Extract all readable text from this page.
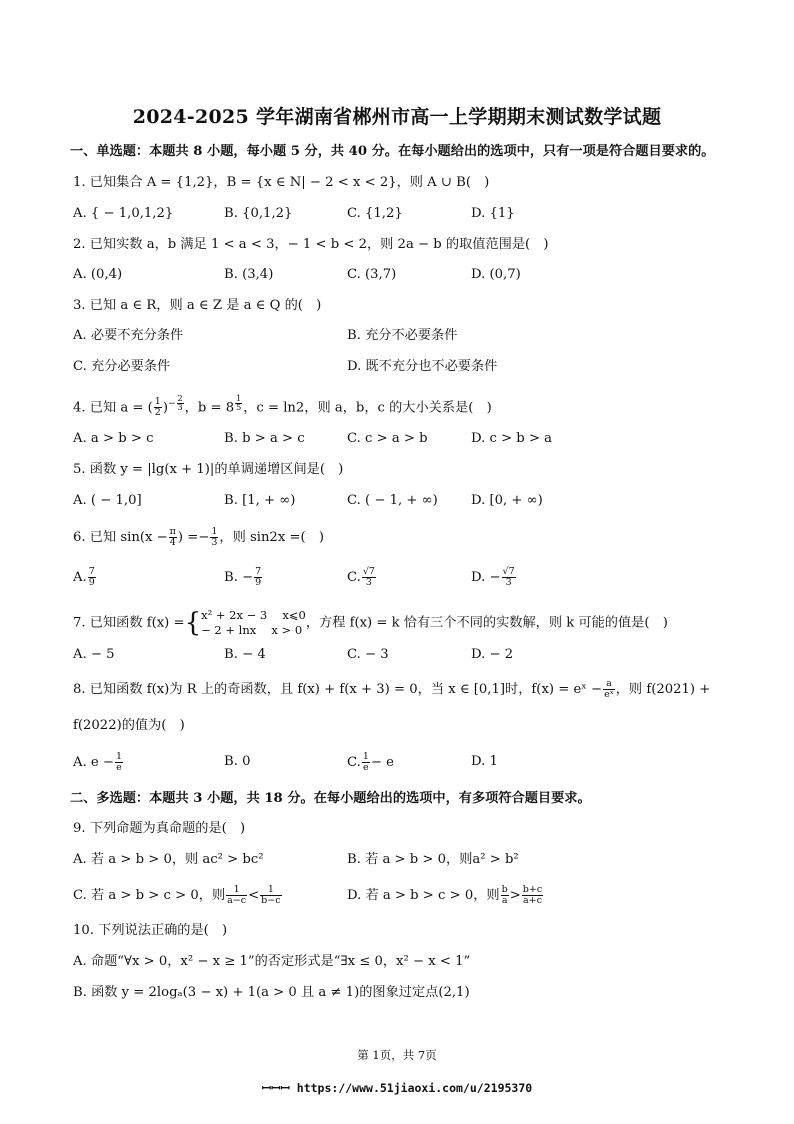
2024-2025 学年湖南省郴州市高一上学期期末测试数学试题
一、单选题：本题共 8 小题，每小题 5 分，共 40 分。在每小题给出的选项中，只有一项是符合题目要求的。
1. 已知集合 A = {1,2}，B = {x ∈ N| − 2 < x < 2}，则 A ∪ B(　)
A. { − 1,0,1,2}	B. {0,1,2}	C. {1,2}	D. {1}
2. 已知实数 a，b 满足 1 < a < 3，− 1 < b < 2，则 2a − b 的取值范围是(　)
A. (0,4)	B. (3,4)	C. (3,7)	D. (0,7)
3. 已知 a ∈ R，则 a ∈ Z 是 a ∈ Q 的(　)
A. 必要不充分条件	B. 充分不必要条件
C. 充分必要条件	D. 既不充分也不必要条件
4. 已知 a = ( $\frac{1}{2} )^{- \frac{2}{3}}$ ，b = 8 $^{\frac{1}{5}}$ ，c = ln2，则 a，b，c 的大小关系是(　)
A. a > b > c	B. b > a > c	C. c > a > b	D. c > b > a
5. 函数 y = |lg(x + 1)|的单调递增区间是(　)
A. ( − 1,0]	B. [1, + ∞)	C. ( − 1, + ∞)	D. [0, + ∞)
6. 已知 $\sin(x - \frac{\pi}{4}$ ) =− $\frac{1}{3}$ ，则 sin2x =(　)
A. $\frac{7}{9}$	B. − $\frac{7}{9}$	C. $\frac{√7}{3}$	D. − $\frac{√7}{3}$
7. 已知函数 f(x) ={ x² + 2x − 3　 x⩽0
− 2 + lnx　 x > 0 ，方程 f(x) = k 恰有三个不同的实数解，则 k 可能的值是(　)
A. − 5	B. − 4	C. − 3	D. − 2
8. 已知函数 f(x)为 R 上的奇函数，且 f(x) + f(x + 3) = 0，当 x ∈ [0,1]时，f(x) = eˣ − $\frac{a}{\text{eˣ}}$ ，则 f(2021) +
f(2022)的值为(　)
A. $e - \frac{1}{e}$	B. 0	C. $\frac{1}{e} - e$	D. 1
二、多选题：本题共 3 小题，共 18 分。在每小题给出的选项中，有多项符合题目要求。
9. 下列命题为真命题的是(　)
A. 若 a > b > 0，则 ac² > bc²	B. 若 a > b > 0，则a² > b²
C. 若 a > b > c > 0，则 $\frac{1}{a-c} < \frac{1}{b-c}$	D. 若 a > b > c > 0，则 $\frac{b}{a} > \frac{b+c}{a+c}$
10. 下列说法正确的是(　)
A. 命题“∀x > 0，x² − x ≥ 1”的否定形式是“∃x ≤ 0，x² − x < 1”
B. 函数 y = 2logₐ(3 − x) + 1(a > 0 且 a ≠ 1)的图象过定点(2,1)
第 1页，共 7页
ꟷꟷꟷ https://www.51jiaoxi.com/u/2195370
